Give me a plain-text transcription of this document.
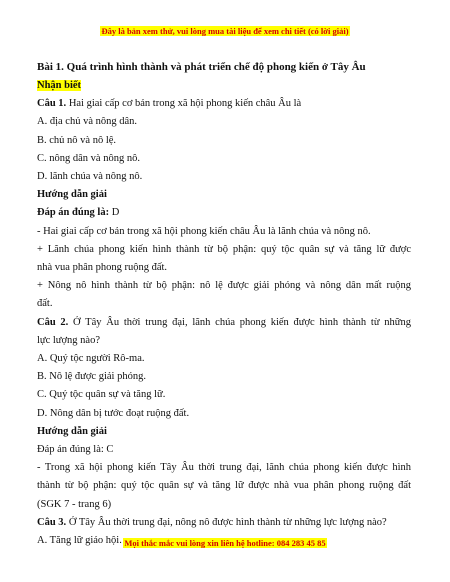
Đây là bản xem thử, vui lòng mua tài liệu để xem chi tiết (có lời giải)
Bài 1. Quá trình hình thành và phát triển chế độ phong kiến ở Tây Âu
Nhận biết
Câu 1. Hai giai cấp cơ bản trong xã hội phong kiến châu Âu là
A. địa chủ và nông dân.
B. chủ nô và nô lệ.
C. nông dân và nông nô.
D. lãnh chúa và nông nô.
Hướng dẫn giải
Đáp án đúng là: D
- Hai giai cấp cơ bản trong xã hội phong kiến châu Âu là lãnh chúa và nông nô.
+ Lãnh chúa phong kiến hình thành từ bộ phận: quý tộc quân sự và tăng lữ được
nhà vua phân phong ruộng đất.
+ Nông nô hình thành từ bộ phận: nô lệ được giải phóng và nông dân mất ruộng
đất.
Câu 2. Ở Tây Âu thời trung đại, lãnh chúa phong kiến được hình thành từ những
lực lượng nào?
A. Quý tộc người Rô-ma.
B. Nô lệ được giải phóng.
C. Quý tộc quân sự và tăng lữ.
D. Nông dân bị tước đoạt ruộng đất.
Hướng dẫn giải
Đáp án đúng là: C
- Trong xã hội phong kiến Tây Âu thời trung đại, lãnh chúa phong kiến được hình
thành từ bộ phận: quý tộc quân sự và tăng lữ được nhà vua phân phong ruộng đất
(SGK 7 - trang 6)
Câu 3. Ở Tây Âu thời trung đại, nông nô được hình thành từ những lực lượng nào?
A. Tăng lữ giáo hội. Mọi thắc mắc vui lòng xin liên hệ hotline: 084 283 45 85
